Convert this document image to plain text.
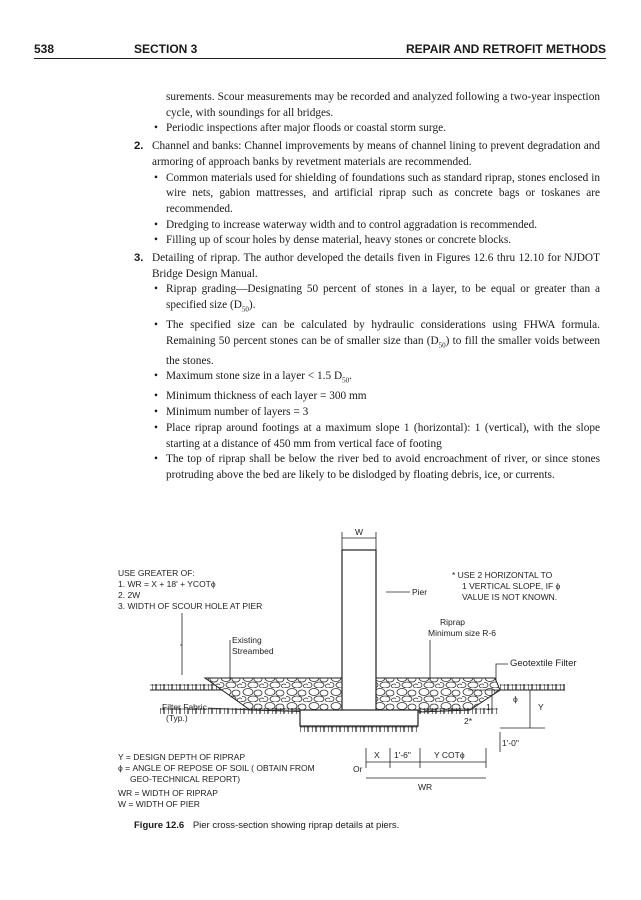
538	SECTION 3	REPAIR AND RETROFIT METHODS

surements. Scour measurements may be recorded and analyzed following a two-year inspection cycle, with soundings for all bridges.

• Periodic inspections after major floods or coastal storm surge.

2. Channel and banks: Channel improvements by means of channel lining to prevent degradation and armoring of approach banks by revetment materials are recommended.

• Common materials used for shielding of foundations such as standard riprap, stones enclosed in wire nets, gabion mattresses, and artificial riprap such as concrete bags or toskanes are recommended.

• Dredging to increase waterway width and to control aggradation is recommended.

• Filling up of scour holes by dense material, heavy stones or concrete blocks.

3. Detailing of riprap. The author developed the details fiven in Figures 12.6 thru 12.10 for NJDOT Bridge Design Manual.

• Riprap grading—Designating 50 percent of stones in a layer, to be equal or greater than a specified size $(D_{50})$.

• The specified size can be calculated by hydraulic considerations using FHWA formula. Remaining 50 percent stones can be of smaller size than $(D_{50})$ to fill the smaller voids between the stones.

• Maximum stone size in a layer < 1.5 $D_{50}$.

• Minimum thickness of each layer = 300 mm

• Minimum number of layers = 3

• Place riprap around footings at a maximum slope 1 (horizontal): 1 (vertical), with the slope starting at a distance of 450 mm from vertical face of footing

• The top of riprap shall be below the river bed to avoid encroachment of river, or since stones protruding above the bed are likely to be dislodged by floating debris, ice, or currents.

W
USE GREATER OF:
1. WR = X + 18' + YCOTϕ
2. 2W
3. WIDTH OF SCOUR HOLE AT PIER
* USE 2 HORIZONTAL TO
1 VERTICAL SLOPE, IF ϕ
VALUE IS NOT KNOWN.
Pier
Riprap
Minimum size R-6
Existing
Streambed
Geotextile Filter
Filter Fabric
(Typ.)
ϕ
1
2*
Y
1'-0"
X 1'-6"	Y COTϕ
Or
WR
Y = DESIGN DEPTH OF RIPRAP
ϕ = ANGLE OF REPOSE OF SOIL ( OBTAIN FROM
GEO-TECHNICAL REPORT)
WR = WIDTH OF RIPRAP
W = WIDTH OF PIER
Figure 12.6 Pier cross-section showing riprap details at piers.
